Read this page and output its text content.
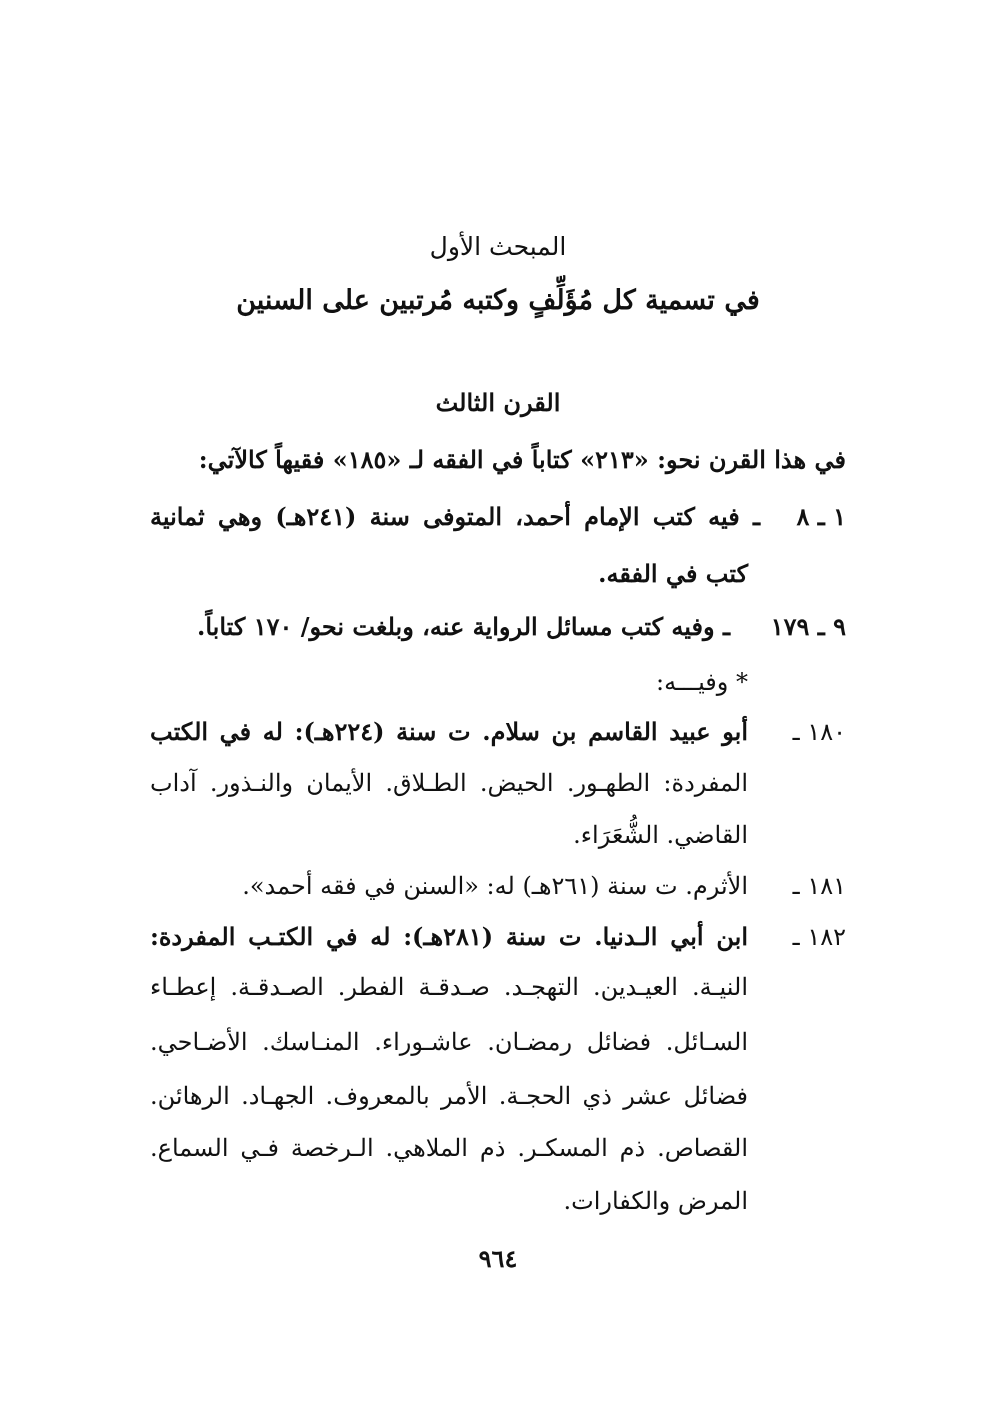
المبحث الأول
في تسمية كل مُؤَلِّفٍ وكتبه مُرتبين على السنين
القرن الثالث
في هذا القرن نحو: «٢١٣» كتاباً في الفقه لـ «١٨٥» فقيهاً كالآتي:
١ ـ ٨
ـ فيه كتب الإمام أحمد، المتوفى سنة (٢٤١هـ) وهي ثمانية
كتب في الفقه.
٩ ـ ١٧٩
ـ وفيه كتب مسائل الرواية عنه، وبلغت نحو/ ١٧٠ كتاباً.
* وفيـــه:
١٨٠ ـ
أبو عبيد القاسم بن سلام. ت سنة (٢٢٤هـ): له في الكتب
المفردة: الطهـور. الحيض. الطـلاق. الأيمان والنـذور. آداب
القاضي. الشُّعَرَاء.
١٨١ ـ
الأثرم. ت سنة (٢٦١هـ) له: «السنن في فقه أحمد».
١٨٢ ـ
ابن أبي الـدنيا. ت سنة (٢٨١هـ): له في الكتـب المفردة:
النيـة. العيـدين. التهجـد. صـدقـة الفطر. الصـدقـة. إعطـاء
السـائل. فضائل رمضـان. عاشـوراء. المنـاسك. الأضـاحي.
فضائل عشر ذي الحجـة. الأمر بالمعروف. الجهـاد. الرهائن.
القصاص. ذم المسكـر. ذم الملاهي. الـرخصة فـي السماع.
المرض والكفارات.
٩٦٤
